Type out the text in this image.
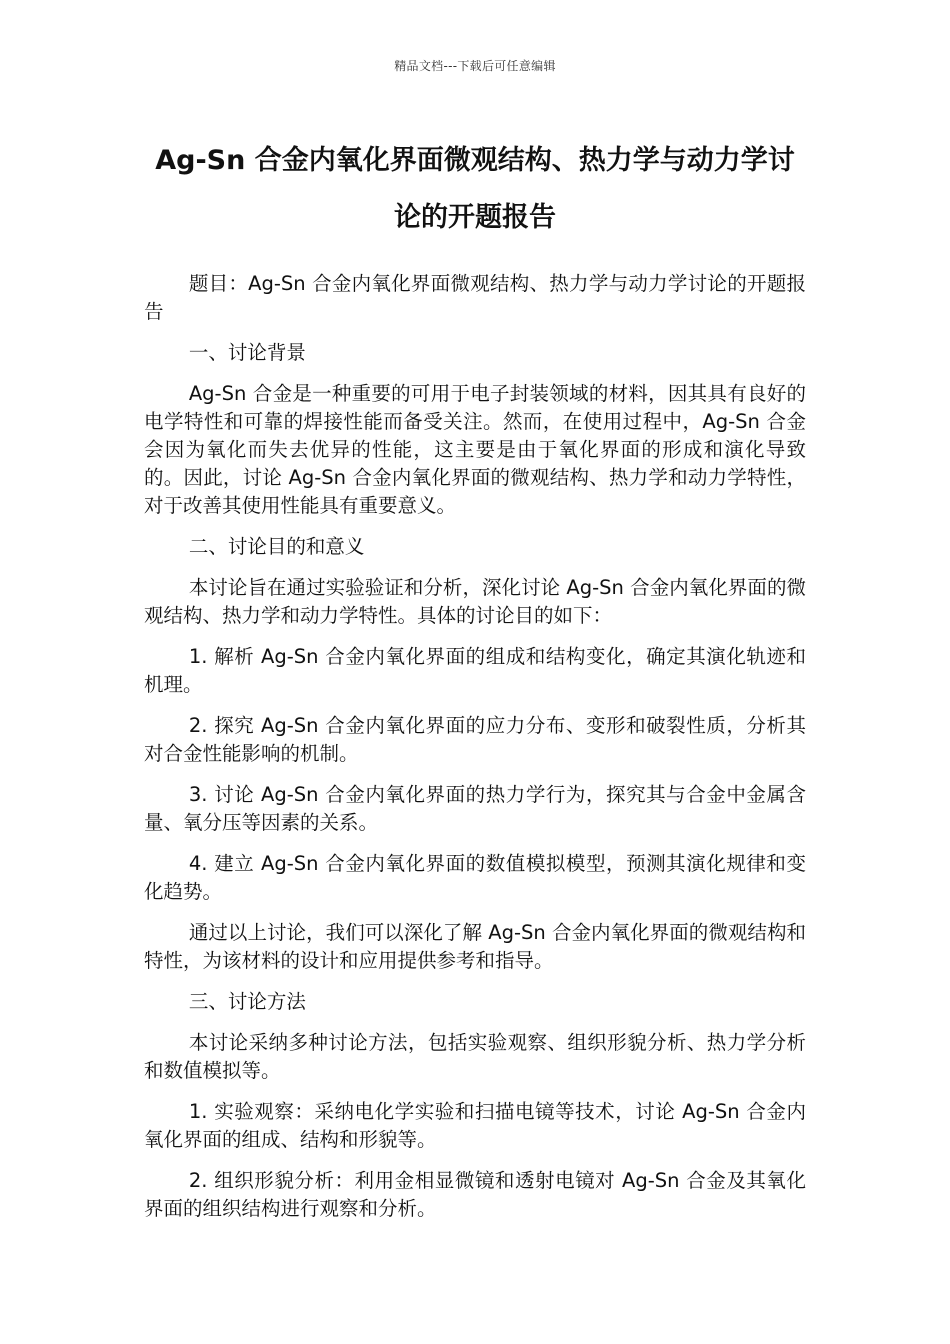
精品文档---下载后可任意编辑
Ag-Sn 合金内氧化界面微观结构、热力学与动力学讨论的开题报告

题目：Ag-Sn 合金内氧化界面微观结构、热力学与动力学讨论的开题报告

一、讨论背景

Ag-Sn 合金是一种重要的可用于电子封装领域的材料，因其具有良好的电学特性和可靠的焊接性能而备受关注。然而，在使用过程中，Ag-Sn 合金会因为氧化而失去优异的性能，这主要是由于氧化界面的形成和演化导致的。因此，讨论 Ag-Sn 合金内氧化界面的微观结构、热力学和动力学特性，对于改善其使用性能具有重要意义。

二、讨论目的和意义

本讨论旨在通过实验验证和分析，深化讨论 Ag-Sn 合金内氧化界面的微观结构、热力学和动力学特性。具体的讨论目的如下：

1. 解析 Ag-Sn 合金内氧化界面的组成和结构变化，确定其演化轨迹和机理。

2. 探究 Ag-Sn 合金内氧化界面的应力分布、变形和破裂性质，分析其对合金性能影响的机制。

3. 讨论 Ag-Sn 合金内氧化界面的热力学行为，探究其与合金中金属含量、氧分压等因素的关系。

4. 建立 Ag-Sn 合金内氧化界面的数值模拟模型，预测其演化规律和变化趋势。

通过以上讨论，我们可以深化了解 Ag-Sn 合金内氧化界面的微观结构和特性，为该材料的设计和应用提供参考和指导。

三、讨论方法

本讨论采纳多种讨论方法，包括实验观察、组织形貌分析、热力学分析和数值模拟等。

1. 实验观察：采纳电化学实验和扫描电镜等技术，讨论 Ag-Sn 合金内氧化界面的组成、结构和形貌等。

2. 组织形貌分析：利用金相显微镜和透射电镜对 Ag-Sn 合金及其氧化界面的组织结构进行观察和分析。
